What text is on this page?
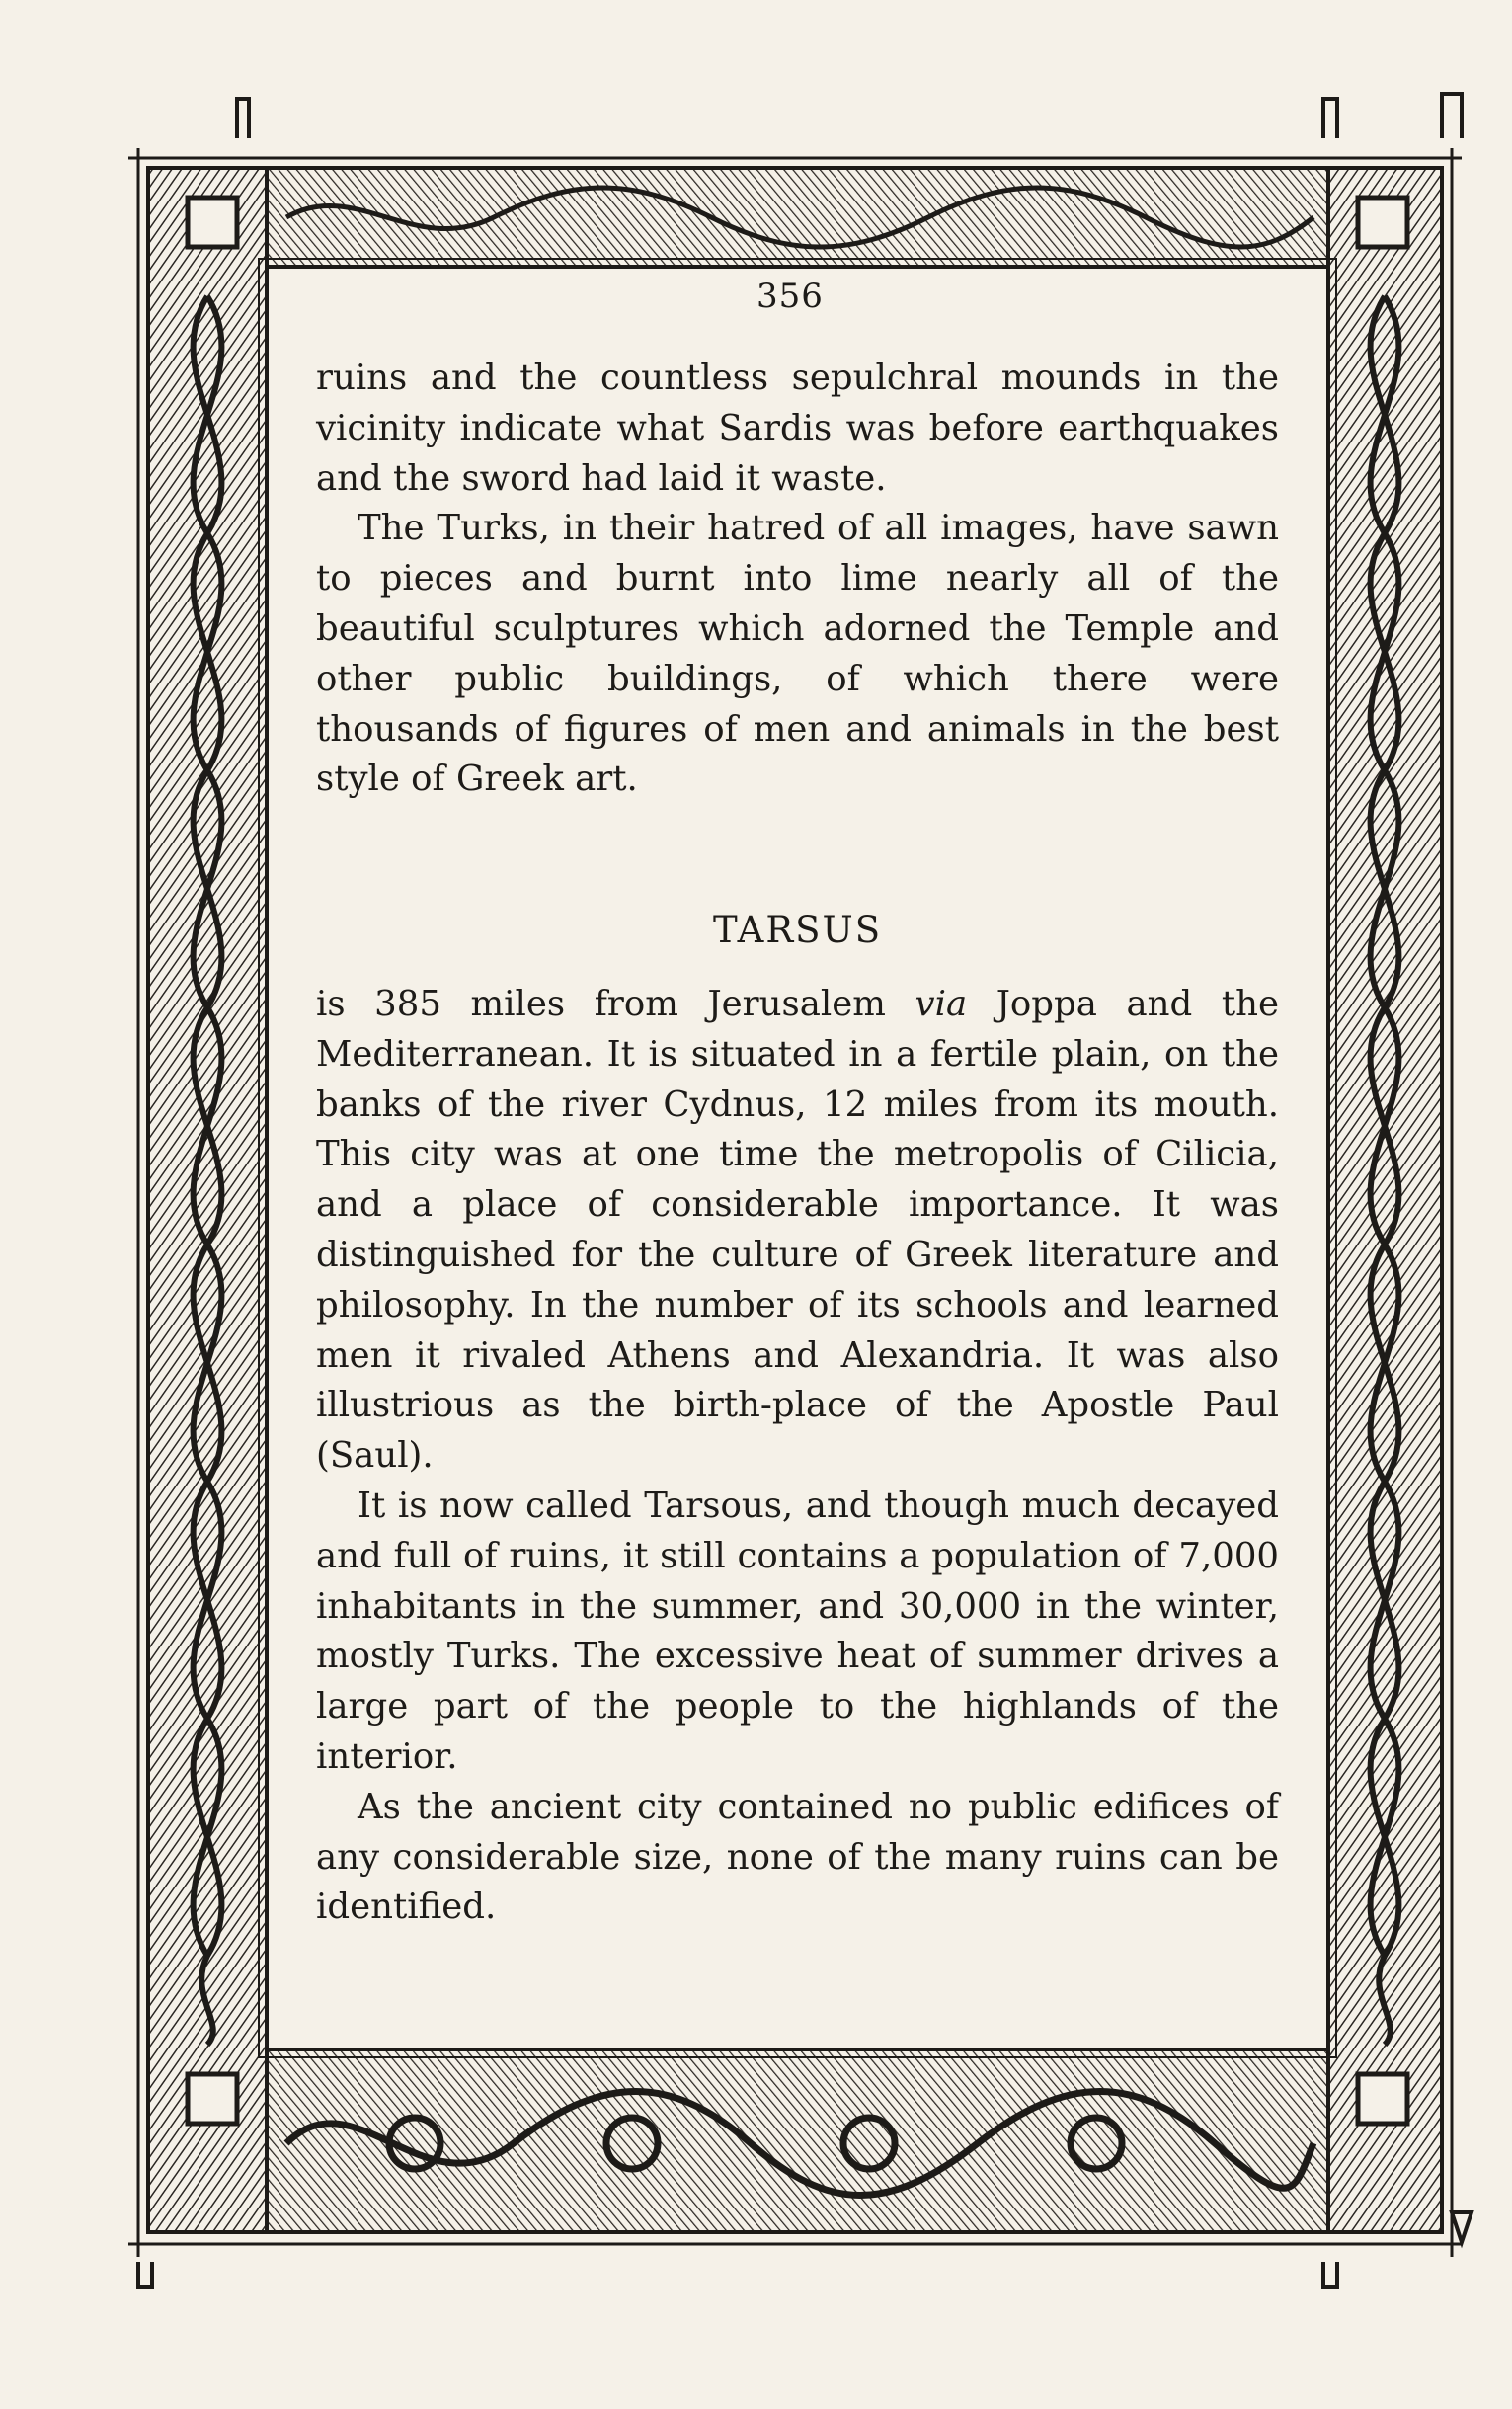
356

ruins and the countless sepulchral mounds in the vicinity indicate what Sardis was before earthquakes and the sword had laid it waste.

The Turks, in their hatred of all images, have sawn to pieces and burnt into lime nearly all of the beautiful sculptures which adorned the Temple and other public buildings, of which there were thousands of figures of men and animals in the best style of Greek art.

TARSUS

is 385 miles from Jerusalem via Joppa and the Mediterranean. It is situated in a fertile plain, on the banks of the river Cydnus, 12 miles from its mouth. This city was at one time the metropolis of Cilicia, and a place of considerable importance. It was distinguished for the culture of Greek literature and philosophy. In the number of its schools and learned men it rivaled Athens and Alexandria. It was also illustrious as the birth-place of the Apostle Paul (Saul).

It is now called Tarsous, and though much decayed and full of ruins, it still contains a population of 7,000 inhabitants in the summer, and 30,000 in the winter, mostly Turks. The excessive heat of summer drives a large part of the people to the highlands of the interior.

As the ancient city contained no public edifices of any considerable size, none of the many ruins can be identified.
